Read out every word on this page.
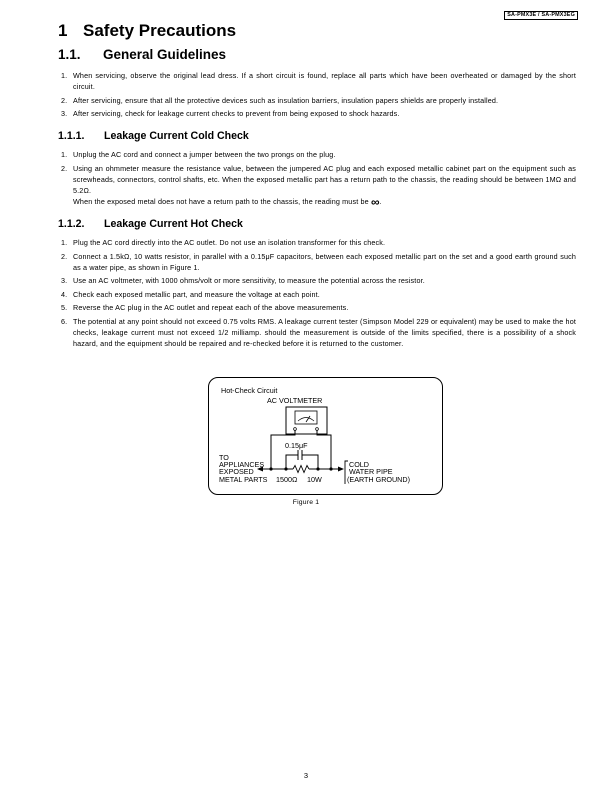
SA-PMX3E / SA-PMX3EG
1 Safety Precautions
1.1. General Guidelines
1. When servicing, observe the original lead dress. If a short circuit is found, replace all parts which have been overheated or damaged by the short circuit.
2. After servicing, ensure that all the protective devices such as insulation barriers, insulation papers shields are properly installed.
3. After servicing, check for leakage current checks to prevent from being exposed to shock hazards.
1.1.1. Leakage Current Cold Check
1. Unplug the AC cord and connect a jumper between the two prongs on the plug.
2. Using an ohmmeter measure the resistance value, between the jumpered AC plug and each exposed metallic cabinet part on the equipment such as screwheads, connectors, control shafts, etc. When the exposed metallic part has a return path to the chassis, the reading should be between 1MΩ and 5.2Ω.
When the exposed metal does not have a return path to the chassis, the reading must be ∞.
1.1.2. Leakage Current Hot Check
1. Plug the AC cord directly into the AC outlet. Do not use an isolation transformer for this check.
2. Connect a 1.5kΩ, 10 watts resistor, in parallel with a 0.15μF capacitors, between each exposed metallic part on the set and a good earth ground such as a water pipe, as shown in Figure 1.
3. Use an AC voltmeter, with 1000 ohms/volt or more sensitivity, to measure the potential across the resistor.
4. Check each exposed metallic part, and measure the voltage at each point.
5. Reverse the AC plug in the AC outlet and repeat each of the above measurements.
6. The potential at any point should not exceed 0.75 volts RMS. A leakage current tester (Simpson Model 229 or equivalent) may be used to make the hot checks, leakage current must not exceed 1/2 milliamp. should the measurement is outside of the limits specified, there is a possibility of a shock hazard, and the equipment should be repaired and re-checked before it is returned to the customer.
Hot-Check Circuit
AC VOLTMETER
0.15μF
TO
APPLIANCES
EXPOSED
METAL PARTS 1500Ω 10W
COLD
WATER PIPE
(EARTH GROUND)
Figure 1
3
